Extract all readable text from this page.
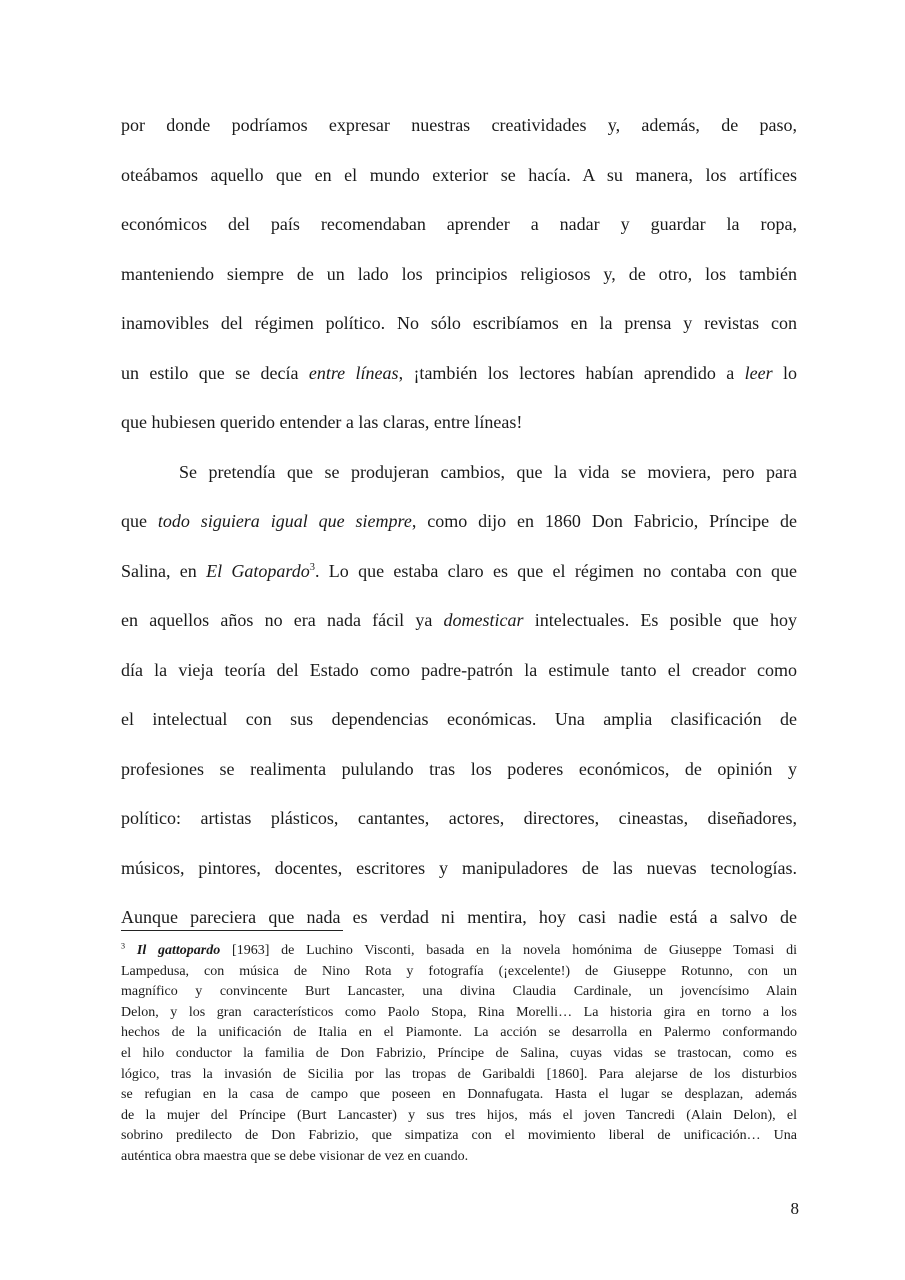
por donde podríamos expresar nuestras creatividades y, además, de paso,
oteábamos aquello que en el mundo exterior se hacía. A su manera, los artífices
económicos del país recomendaban aprender a nadar y guardar la ropa,
manteniendo siempre de un lado los principios religiosos y, de otro, los también
inamovibles del régimen político. No sólo escribíamos en la prensa y revistas con
un estilo que se decía entre líneas, ¡también los lectores habían aprendido a leer lo
que hubiesen querido entender a las claras, entre líneas!
Se pretendía que se produjeran cambios, que la vida se moviera, pero para
que todo siguiera igual que siempre, como dijo en 1860 Don Fabricio, Príncipe de
Salina, en El Gatopardo$^3$. Lo que estaba claro es que el régimen no contaba con que
en aquellos años no era nada fácil ya domesticar intelectuales. Es posible que hoy
día la vieja teoría del Estado como padre-patrón la estimule tanto el creador como
el intelectual con sus dependencias económicas. Una amplia clasificación de
profesiones se realimenta pululando tras los poderes económicos, de opinión y
político: artistas plásticos, cantantes, actores, directores, cineastas, diseñadores,
músicos, pintores, docentes, escritores y manipuladores de las nuevas tecnologías.
Aunque pareciera que nada es verdad ni mentira, hoy casi nadie está a salvo de
$^3$ Il gattopardo [1963] de Luchino Visconti, basada en la novela homónima de Giuseppe Tomasi di
Lampedusa, con música de Nino Rota y fotografía (¡excelente!) de Giuseppe Rotunno, con un
magnífico y convincente Burt Lancaster, una divina Claudia Cardinale, un jovencísimo Alain
Delon, y los gran característicos como Paolo Stopa, Rina Morelli… La historia gira en torno a los
hechos de la unificación de Italia en el Piamonte. La acción se desarrolla en Palermo conformando
el hilo conductor la familia de Don Fabrizio, Príncipe de Salina, cuyas vidas se trastocan, como es
lógico, tras la invasión de Sicilia por las tropas de Garibaldi [1860]. Para alejarse de los disturbios
se refugian en la casa de campo que poseen en Donnafugata. Hasta el lugar se desplazan, además
de la mujer del Príncipe (Burt Lancaster) y sus tres hijos, más el joven Tancredi (Alain Delon), el
sobrino predilecto de Don Fabrizio, que simpatiza con el movimiento liberal de unificación… Una
auténtica obra maestra que se debe visionar de vez en cuando.
8
